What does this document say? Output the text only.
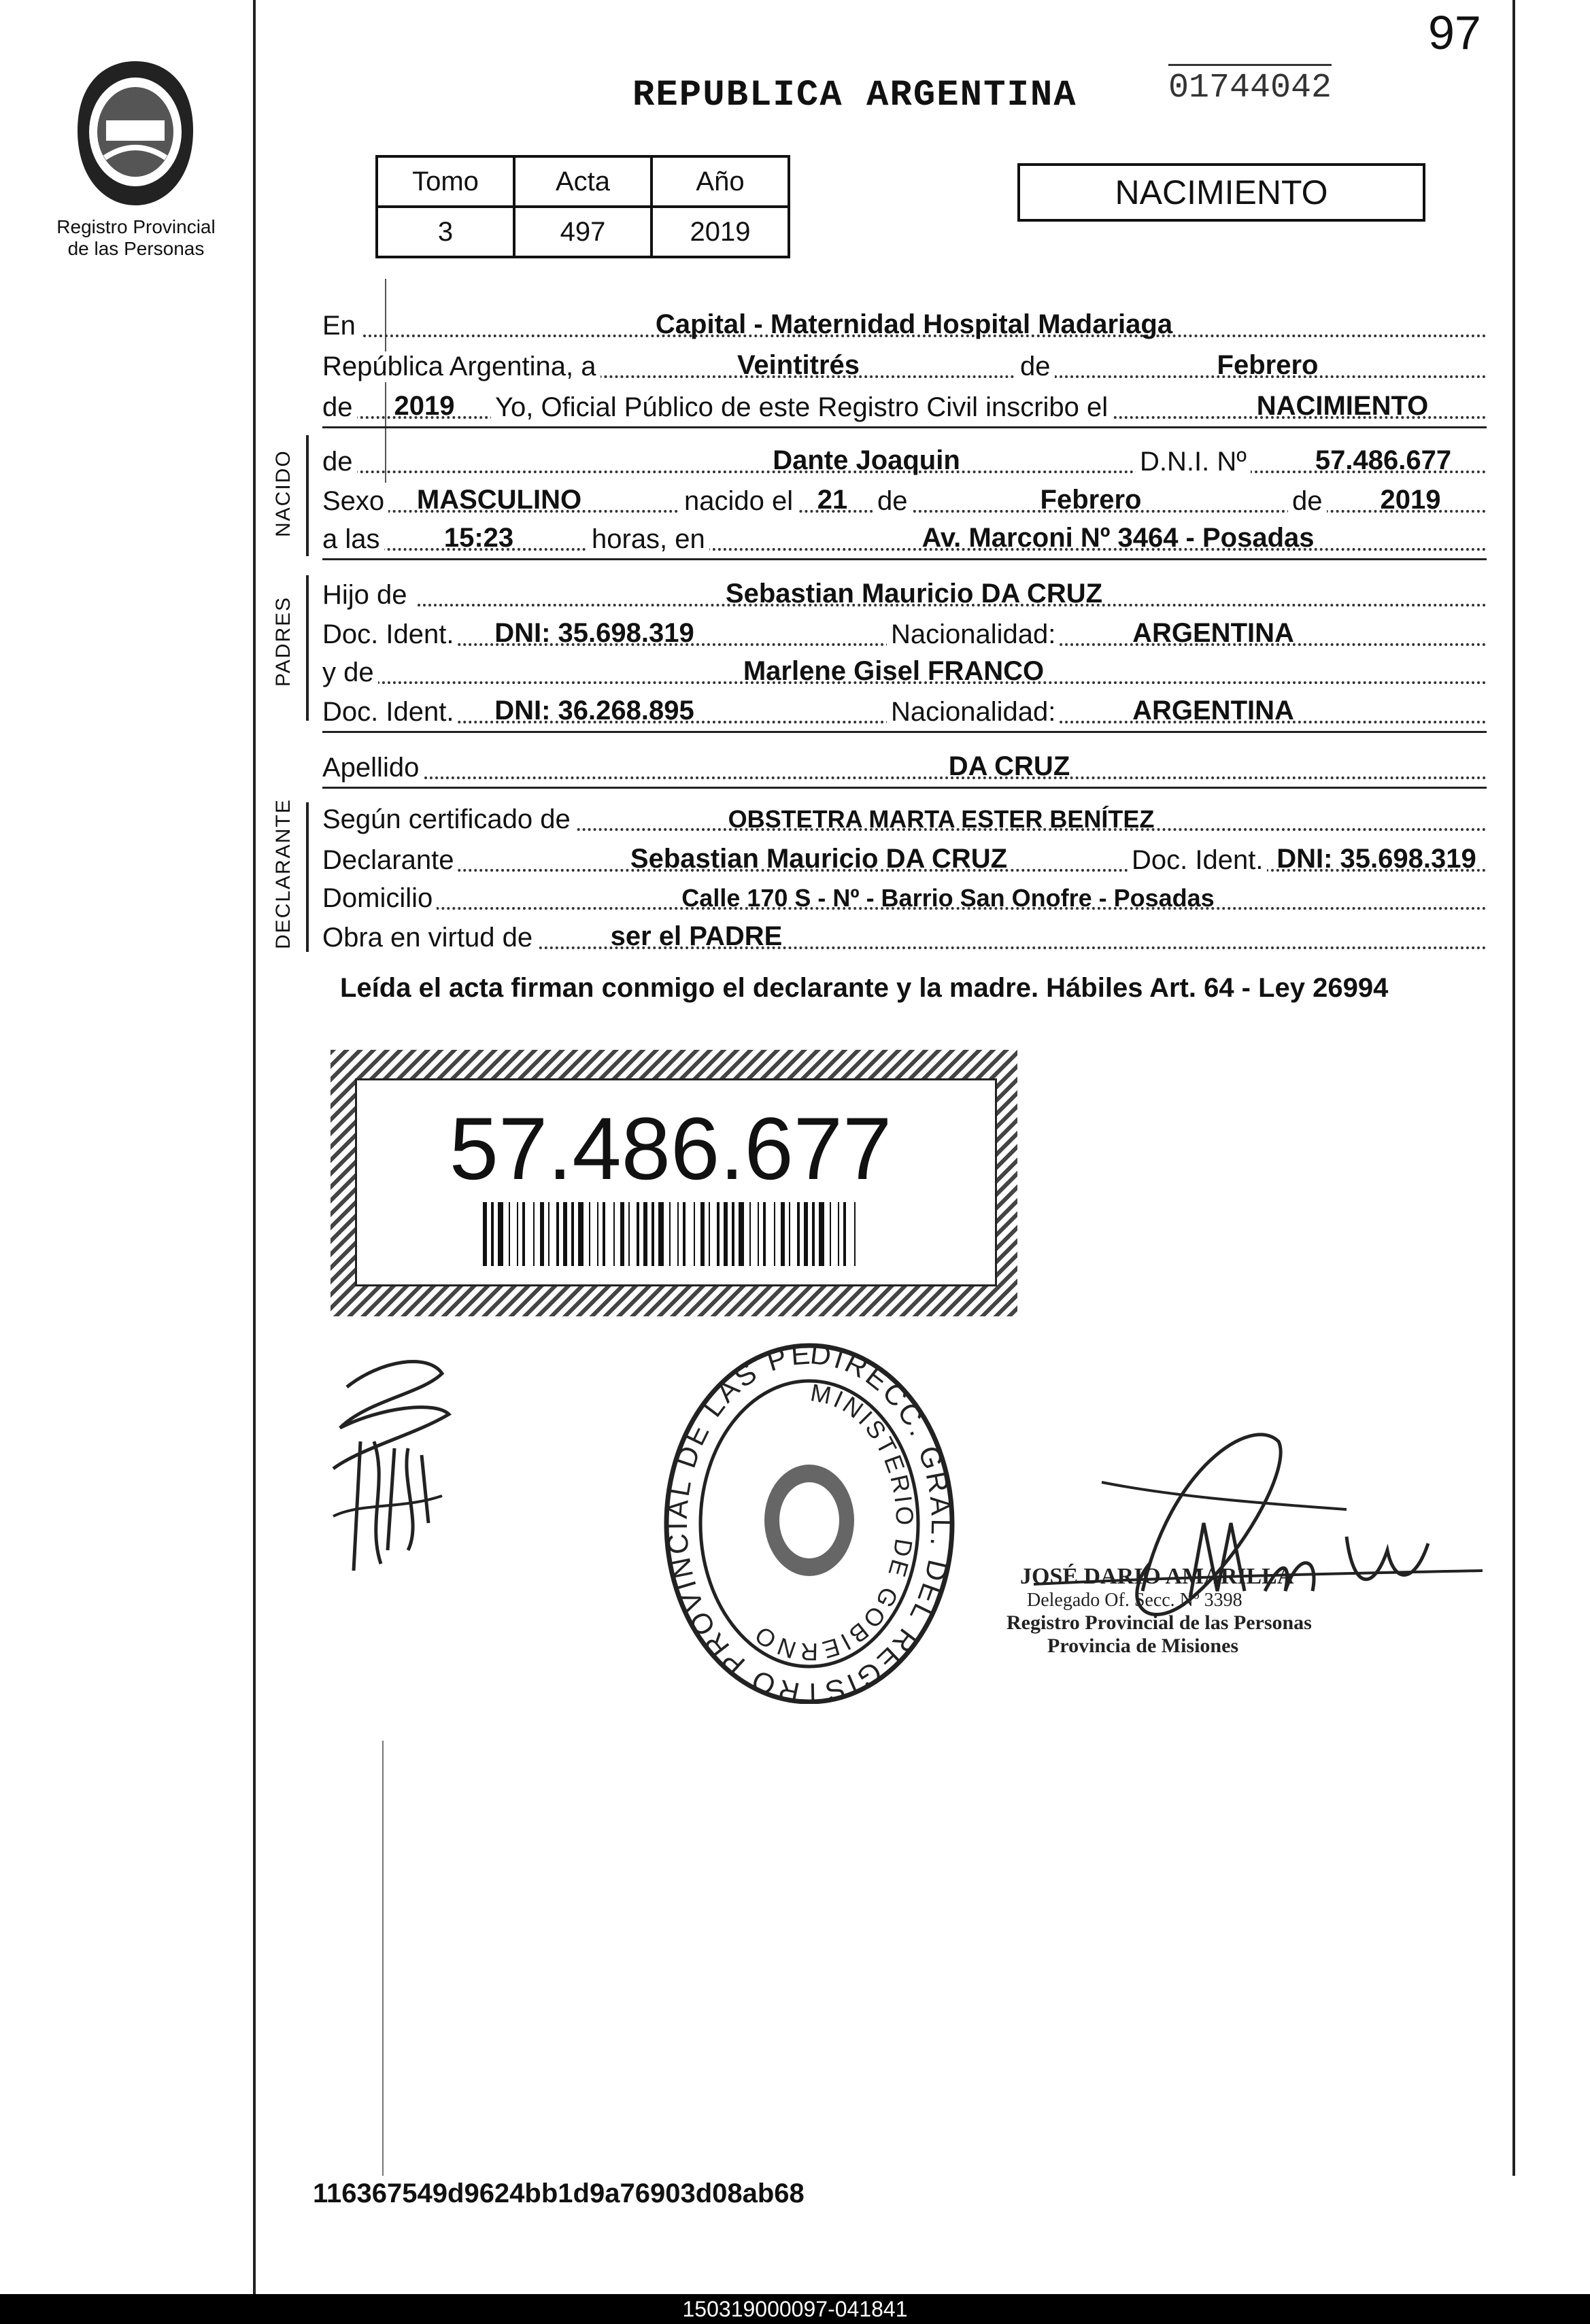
97
Registro Provincial
de las Personas
REPUBLICA ARGENTINA	01744042
Tomo	Acta	Año
3	497	2019
NACIMIENTO
En	Capital - Maternidad Hospital Madariaga
República Argentina, a	Veintitrés	de	Febrero
de	2019	Yo, Oficial Público de este Registro Civil inscribo el	NACIMIENTO
NACIDO de	Dante Joaquin	D.N.I. Nº	57.486.677
Sexo	MASCULINO	nacido el 21	de	Febrero	de	2019
a las	15:23	horas, en	Av. Marconi Nº 3464 - Posadas
PADRES
Hijo de	Sebastian Mauricio DA CRUZ
Doc. Ident.	DNI: 35.698.319	Nacionalidad:	ARGENTINA
y de	Marlene Gisel FRANCO
Doc. Ident.	DNI: 36.268.895	Nacionalidad:	ARGENTINA
Apellido	DA CRUZ
DECLARANTE Según certificado de	OBSTETRA MARTA ESTER BENÍTEZ
Declarante	Sebastian Mauricio DA CRUZ	Doc. Ident. DNI: 35.698.319
Domicilio	Calle 170 S - Nº - Barrio San Onofre - Posadas
Obra en virtud de	ser el PADRE
Leída el acta firman conmigo el declarante y la madre. Hábiles Art. 64 - Ley 26994
57.486.677
DIRECC. GRAL. DEL REGISTRO PROVINCIAL DE LAS PE
MINISTERIO DE GOBIERNO
JOSÉ DARIO AMARILLA
Delegado Of. Secc. Nº 3398
Registro Provincial de las Personas
Provincia de Misiones
116367549d9624bb1d9a76903d08ab68
150319000097-041841
